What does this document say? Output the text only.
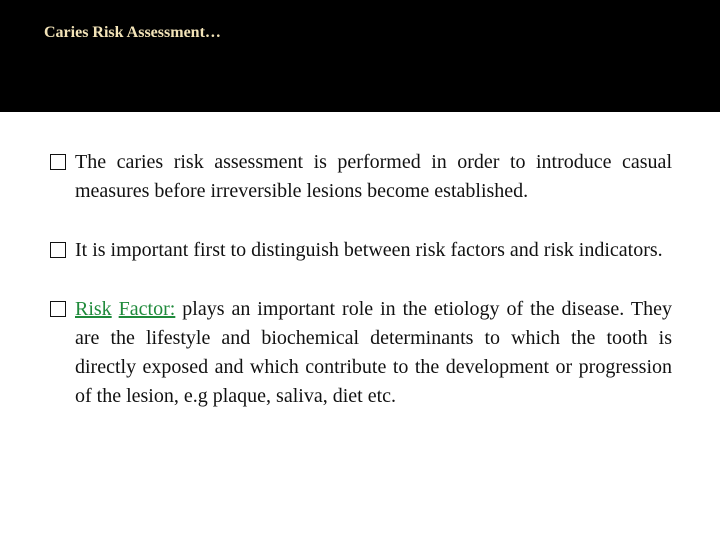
Caries Risk Assessment…
The caries risk assessment is performed in order to introduce casual measures before irreversible lesions become established.
It is important first to distinguish between risk factors and risk indicators.
Risk Factor: plays an important role in the etiology of the disease. They are the lifestyle and biochemical determinants to which the tooth is directly exposed and which contribute to the development or progression of the lesion, e.g plaque, saliva, diet etc.
